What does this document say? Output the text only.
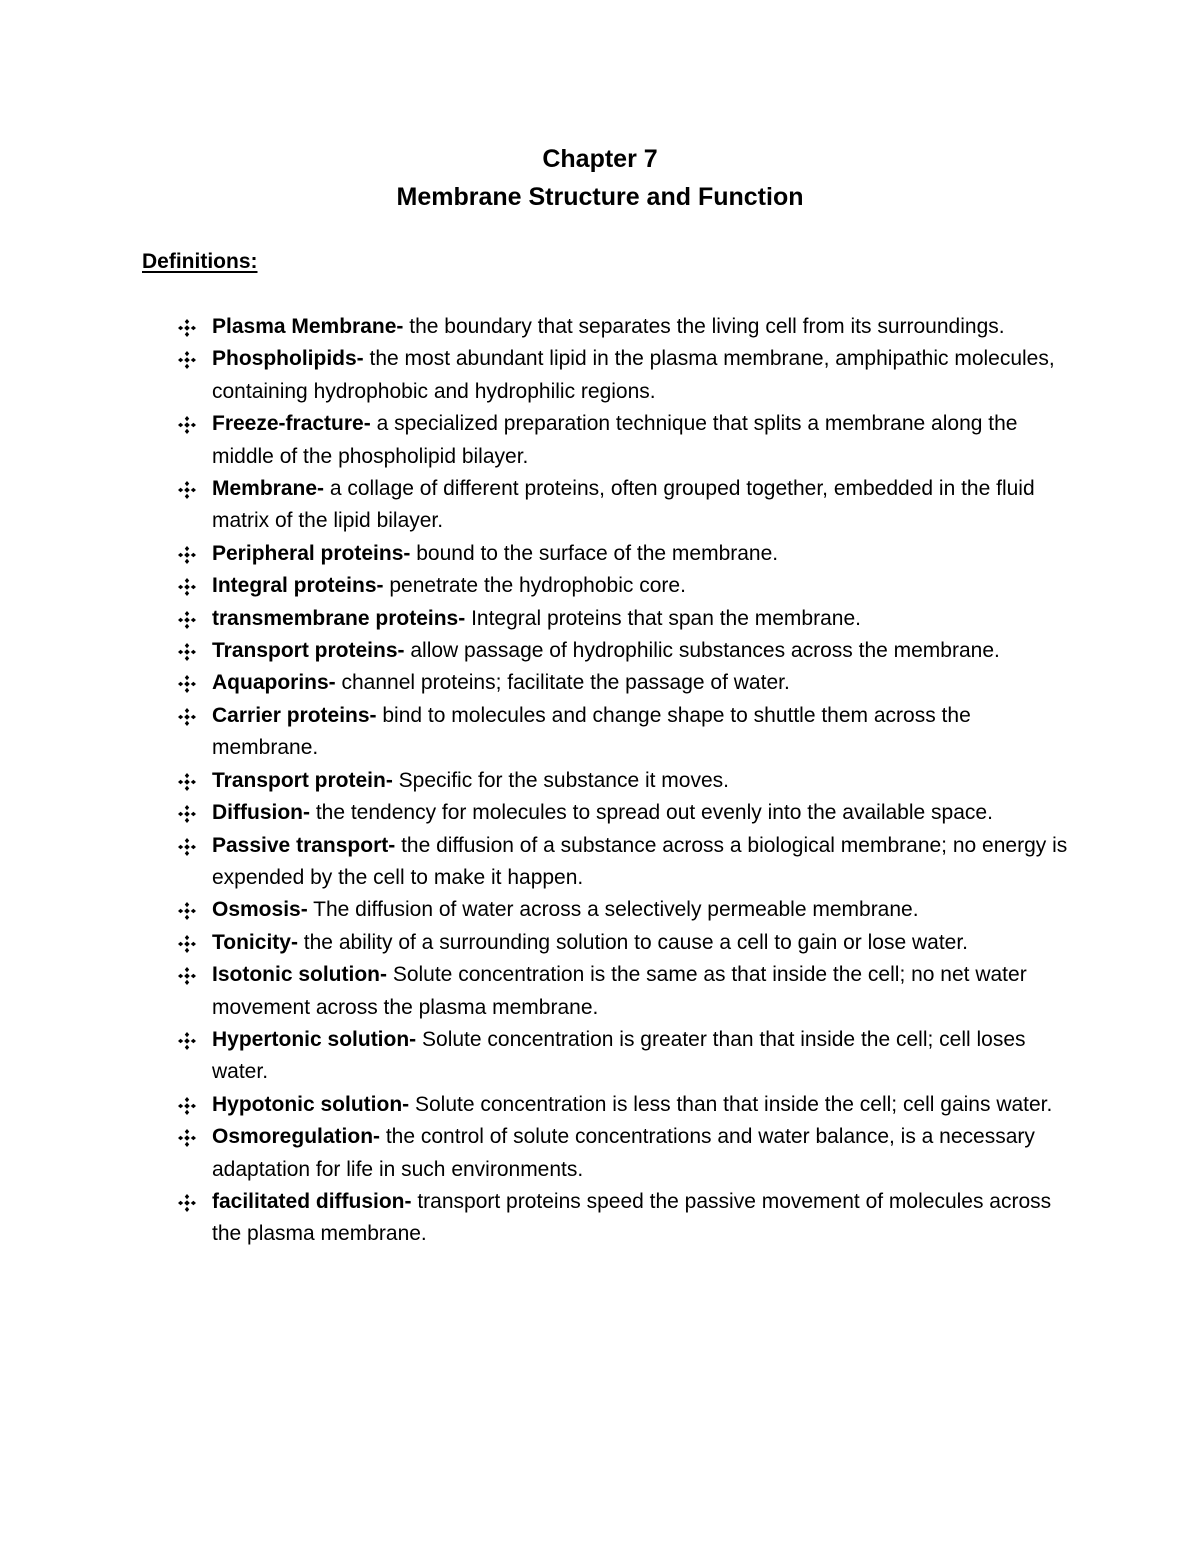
Chapter 7
Membrane Structure and Function
Definitions:
Plasma Membrane- the boundary that separates the living cell from its surroundings.
Phospholipids- the most abundant lipid in the plasma membrane, amphipathic molecules, containing hydrophobic and hydrophilic regions.
Freeze-fracture- a specialized preparation technique that splits a membrane along the middle of the phospholipid bilayer.
Membrane- a collage of different proteins, often grouped together, embedded in the fluid matrix of the lipid bilayer.
Peripheral proteins- bound to the surface of the membrane.
Integral proteins- penetrate the hydrophobic core.
transmembrane proteins- Integral proteins that span the membrane.
Transport proteins- allow passage of hydrophilic substances across the membrane.
Aquaporins- channel proteins; facilitate the passage of water.
Carrier proteins- bind to molecules and change shape to shuttle them across the membrane.
Transport protein- Specific for the substance it moves.
Diffusion- the tendency for molecules to spread out evenly into the available space.
Passive transport- the diffusion of a substance across a biological membrane; no energy is expended by the cell to make it happen.
Osmosis- The diffusion of water across a selectively permeable membrane.
Tonicity- the ability of a surrounding solution to cause a cell to gain or lose water.
Isotonic solution- Solute concentration is the same as that inside the cell; no net water movement across the plasma membrane.
Hypertonic solution- Solute concentration is greater than that inside the cell; cell loses water.
Hypotonic solution- Solute concentration is less than that inside the cell; cell gains water.
Osmoregulation- the control of solute concentrations and water balance, is a necessary adaptation for life in such environments.
facilitated diffusion- transport proteins speed the passive movement of molecules across the plasma membrane.
